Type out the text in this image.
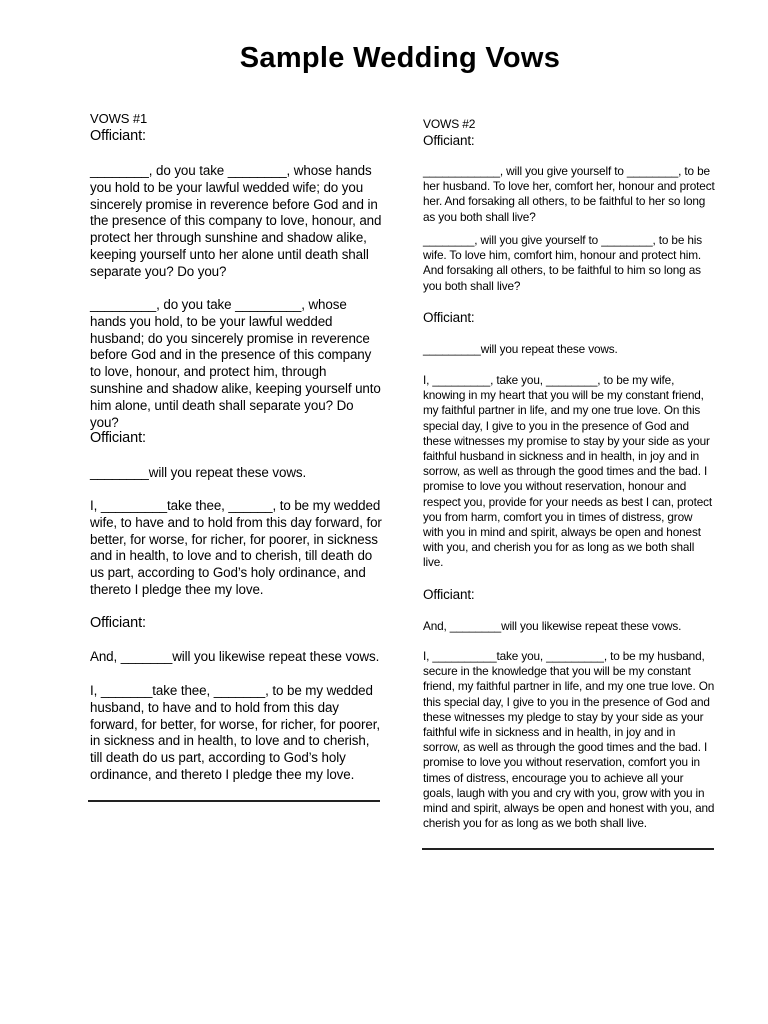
Sample Wedding Vows

VOWS #1

Officiant:

________, do you take ________, whose hands you hold to be your lawful wedded wife; do you sincerely promise in reverence before God and in the presence of this company to love, honour, and protect her through sunshine and shadow alike, keeping yourself unto her alone until death shall separate you? Do you?

_________, do you take _________, whose hands you hold, to be your lawful wedded husband; do you sincerely promise in reverence before God and in the presence of this company to love, honour, and protect him, through sunshine and shadow alike, keeping yourself unto him alone, until death shall separate you? Do you?

Officiant:

________will you repeat these vows.

I, _________take thee, ______, to be my wedded wife, to have and to hold from this day forward, for better, for worse, for richer, for poorer, in sickness and in health, to love and to cherish, till death do us part, according to God’s holy ordinance, and thereto I pledge thee my love.

Officiant:

And, _______will you likewise repeat these vows.

I, _______take thee, _______, to be my wedded husband, to have and to hold from this day forward, for better, for worse, for richer, for poorer, in sickness and in health, to love and to cherish, till death do us part, according to God’s holy ordinance, and thereto I pledge thee my love.

VOWS #2

Officiant:

____________, will you give yourself to ________, to be her husband. To love her, comfort her, honour and protect her. And forsaking all others, to be faithful to her so long as you both shall live?

________, will you give yourself to ________, to be his wife. To love him, comfort him, honour and protect him. And forsaking all others, to be faithful to him so long as you both shall live?

Officiant:

_________will you repeat these vows.

I, _________, take you, ________, to be my wife, knowing in my heart that you will be my constant friend, my faithful partner in life, and my one true love. On this special day, I give to you in the presence of God and these witnesses my promise to stay by your side as your faithful husband in sickness and in health, in joy and in sorrow, as well as through the good times and the bad. I promise to love you without reservation, honour and respect you, provide for your needs as best I can, protect you from harm, comfort you in times of distress, grow with you in mind and spirit, always be open and honest with you, and cherish you for as long as we both shall live.

Officiant:

And, ________will you likewise repeat these vows.

I, __________take you, _________, to be my husband, secure in the knowledge that you will be my constant friend, my faithful partner in life, and my one true love. On this special day, I give to you in the presence of God and these witnesses my pledge to stay by your side as your faithful wife in sickness and in health, in joy and in sorrow, as well as through the good times and the bad. I promise to love you without reservation, comfort you in times of distress, encourage you to achieve all your goals, laugh with you and cry with you, grow with you in mind and spirit, always be open and honest with you, and cherish you for as long as we both shall live.
